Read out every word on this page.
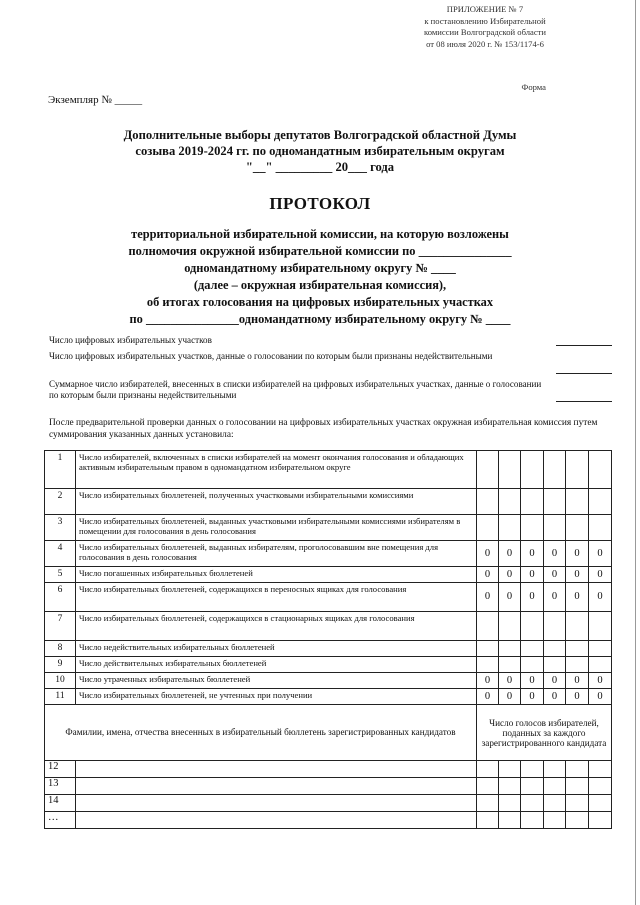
ПРИЛОЖЕНИЕ № 7
к постановлению Избирательной
комиссии Волгоградской области
от 08 июля 2020 г. № 153/1174-6
Форма
Экземпляр № _____
Дополнительные выборы депутатов Волгоградской областной Думы
созыва 2019-2024 гг. по одномандатным избирательным округам
"__" _________ 20___ года
ПРОТОКОЛ
территориальной избирательной комиссии, на которую возложены
полномочия окружной избирательной комиссии по _______________
одномандатному избирательному округу № ____
(далее – окружная избирательная комиссия),
об итогах голосования на цифровых избирательных участках
по _______________одномандатному избирательному округу № ____
Число цифровых избирательных участков
Число цифровых избирательных участков, данные о голосовании по которым были признаны недействительными
Суммарное число избирателей, внесенных в списки избирателей на цифровых избирательных участках, данные о голосовании по которым были признаны недействительными
После предварительной проверки данных о голосовании на цифровых избирательных участках окружная избирательная комиссия путем суммирования указанных данных установила:
1	Число избирателей, включенных в списки избирателей на момент окончания голосования и обладающих активным избирательным правом в одномандатном избирательном округе						
2	Число избирательных бюллетеней, полученных участковыми избирательными комиссиями						
3	Число избирательных бюллетеней, выданных участковыми избирательными комиссиями избирателям в помещении для голосования в день голосования						
4	Число избирательных бюллетеней, выданных избирателям, проголосовавшим вне помещения для голосования в день голосования	0	0	0	0	0	0
5	Число погашенных избирательных бюллетеней	0	0	0	0	0	0
6	Число избирательных бюллетеней, содержащихся в переносных ящиках для голосования	0	0	0	0	0	0
7	Число избирательных бюллетеней, содержащихся в стационарных ящиках для голосования						
8	Число недействительных избирательных бюллетеней						
9	Число действительных избирательных бюллетеней						
10	Число утраченных избирательных бюллетеней	0	0	0	0	0	0
11	Число избирательных бюллетеней, не учтенных при получении	0	0	0	0	0	0
Фамилии, имена, отчества внесенных в избирательный бюллетень зарегистрированных кандидатов		Число голосов избирателей, поданных за каждого зарегистрированного кандидата					
12							
13							
14							
…							
